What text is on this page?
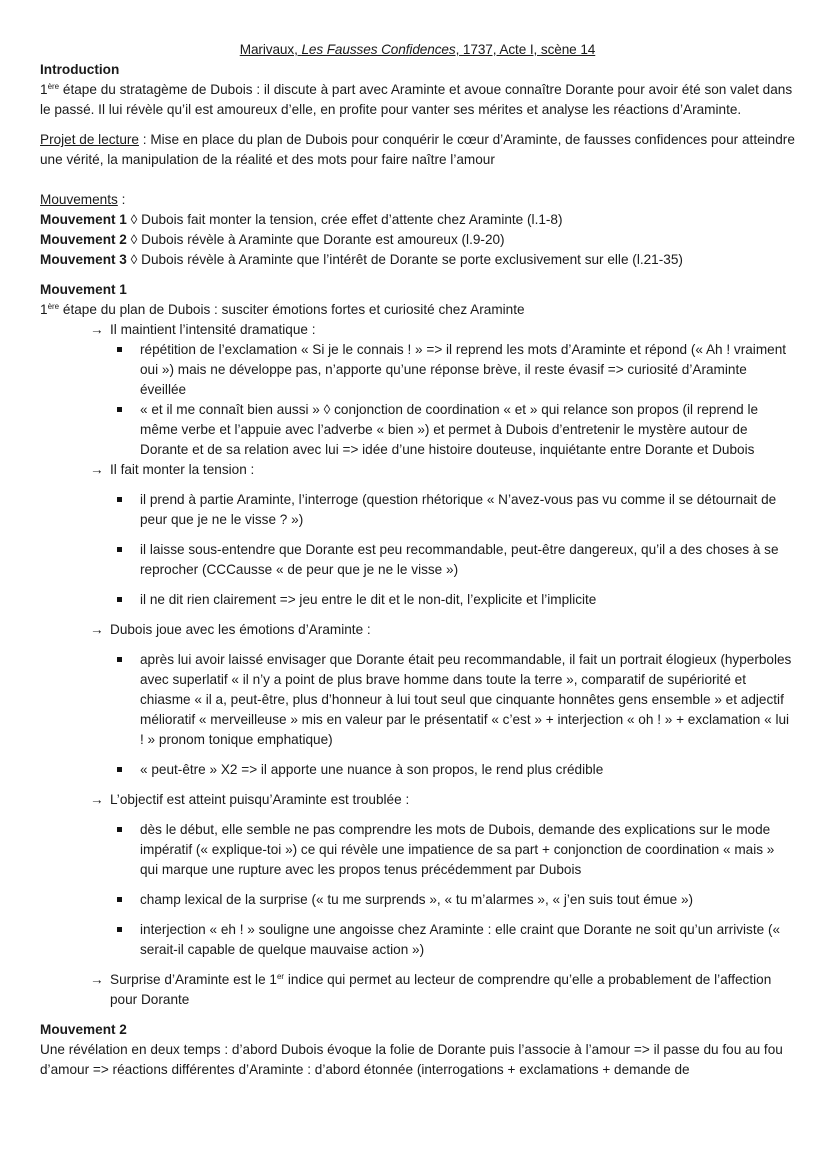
Marivaux, Les Fausses Confidences, 1737, Acte I, scène 14

Introduction

1ère étape du stratagème de Dubois : il discute à part avec Araminte et avoue connaître Dorante pour avoir été son valet dans le passé. Il lui révèle qu’il est amoureux d’elle, en profite pour vanter ses mérites et analyse les réactions d’Araminte.

Projet de lecture : Mise en place du plan de Dubois pour conquérir le cœur d’Araminte, de fausses confidences pour atteindre une vérité, la manipulation de la réalité et des mots pour faire naître l’amour

Mouvements :

Mouvement 1 ◊ Dubois fait monter la tension, crée effet d’attente chez Araminte (l.1-8)

Mouvement 2 ◊ Dubois révèle à Araminte que Dorante est amoureux (l.9-20)

Mouvement 3 ◊ Dubois révèle à Araminte que l’intérêt de Dorante se porte exclusivement sur elle (l.21-35)

Mouvement 1

1ère étape du plan de Dubois : susciter émotions fortes et curiosité chez Araminte

→ Il maintient l’intensité dramatique :
répétition de l’exclamation « Si je le connais ! » => il reprend les mots d’Araminte et répond (« Ah ! vraiment oui ») mais ne développe pas, n’apporte qu’une réponse brève, il reste évasif => curiosité d’Araminte éveillée
« et il me connaît bien aussi » ◊ conjonction de coordination « et » qui relance son propos (il reprend le même verbe et l’appuie avec l’adverbe « bien ») et permet à Dubois d’entretenir le mystère autour de Dorante et de sa relation avec lui => idée d’une histoire douteuse, inquiétante entre Dorante et Dubois
→ Il fait monter la tension :
il prend à partie Araminte, l’interroge (question rhétorique « N’avez-vous pas vu comme il se détournait de peur que je ne le visse ? »)
il laisse sous-entendre que Dorante est peu recommandable, peut-être dangereux, qu’il a des choses à se reprocher (CCCausse « de peur que je ne le visse »)
il ne dit rien clairement => jeu entre le dit et le non-dit, l’explicite et l’implicite
→ Dubois joue avec les émotions d’Araminte :
après lui avoir laissé envisager que Dorante était peu recommandable, il fait un portrait élogieux (hyperboles avec superlatif « il n’y a point de plus brave homme dans toute la terre », comparatif de supériorité et chiasme « il a, peut-être, plus d’honneur à lui tout seul que cinquante honnêtes gens ensemble » et adjectif mélioratif « merveilleuse » mis en valeur par le présentatif « c’est » + interjection « oh ! » + exclamation « lui ! » pronom tonique emphatique)
« peut-être » X2 => il apporte une nuance à son propos, le rend plus crédible
→ L’objectif est atteint puisqu’Araminte est troublée :
dès le début, elle semble ne pas comprendre les mots de Dubois, demande des explications sur le mode impératif (« explique-toi ») ce qui révèle une impatience de sa part + conjonction de coordination « mais » qui marque une rupture avec les propos tenus précédemment par Dubois
champ lexical de la surprise (« tu me surprends », « tu m’alarmes », « j’en suis tout émue »)
interjection « eh ! » souligne une angoisse chez Araminte : elle craint que Dorante ne soit qu’un arriviste (« serait-il capable de quelque mauvaise action »)
→ Surprise d’Araminte est le 1er indice qui permet au lecteur de comprendre qu’elle a probablement de l’affection pour Dorante

Mouvement 2

Une révélation en deux temps : d’abord Dubois évoque la folie de Dorante puis l’associe à l’amour => il passe du fou au fou d’amour => réactions différentes d’Araminte : d’abord étonnée (interrogations + exclamations + demande de
